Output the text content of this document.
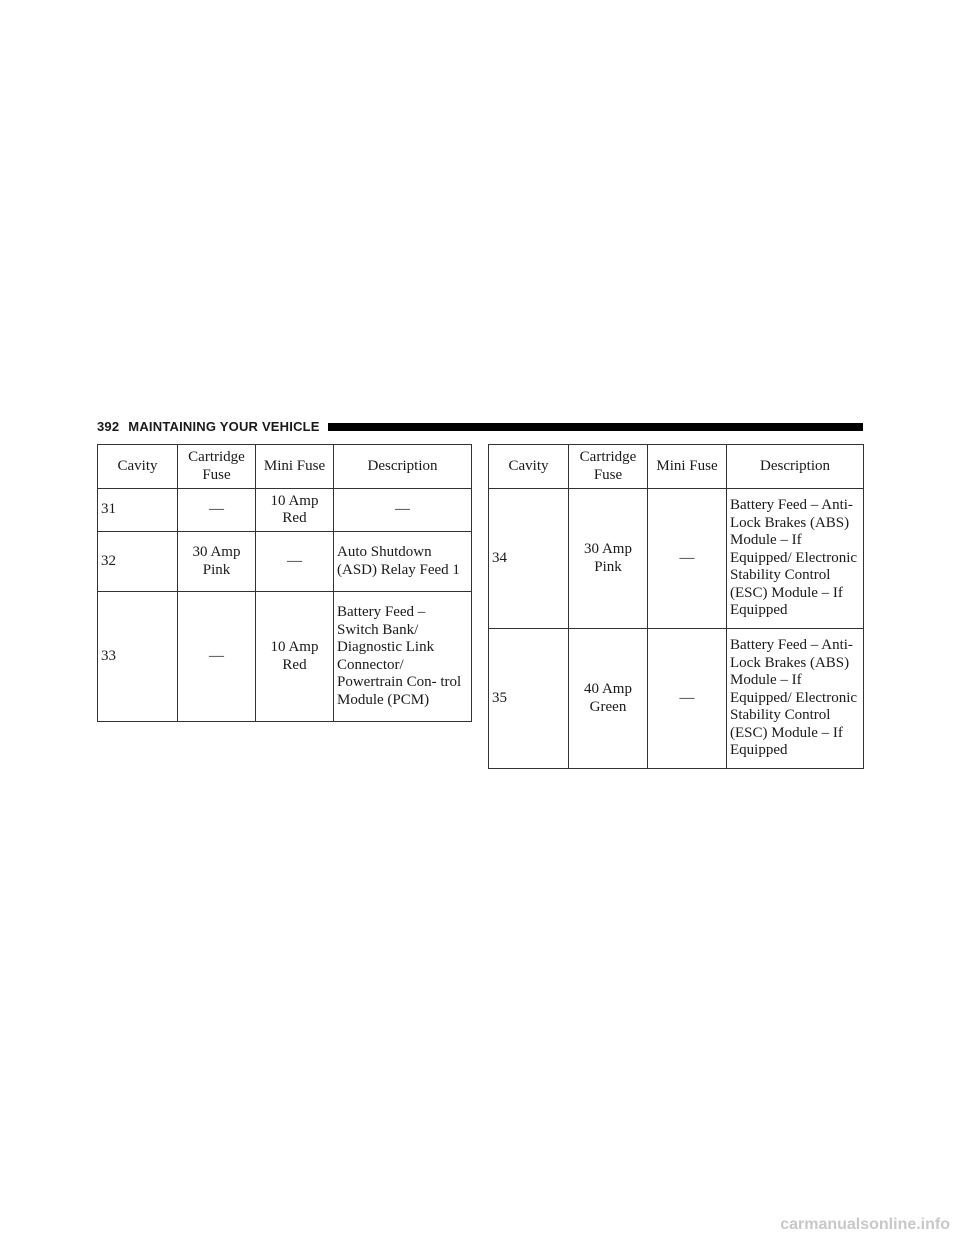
392 MAINTAINING YOUR VEHICLE
Cavity	Cartridge Fuse	Mini Fuse	Description
31	—	10 Amp Red	—
32	30 Amp Pink	—	Auto Shutdown (ASD) Relay Feed 1
33	—	10 Amp Red	Battery Feed – Switch Bank/ Diagnostic Link Connector/ Powertrain Con- trol Module (PCM)
Cavity	Cartridge Fuse	Mini Fuse	Description
34	30 Amp Pink	—	Battery Feed – Anti-Lock Brakes (ABS) Module – If Equipped/ Electronic Stability Control (ESC) Module – If Equipped
35	40 Amp Green	—	Battery Feed – Anti-Lock Brakes (ABS) Module – If Equipped/ Electronic Stability Control (ESC) Module – If Equipped
carmanualsonline.info
